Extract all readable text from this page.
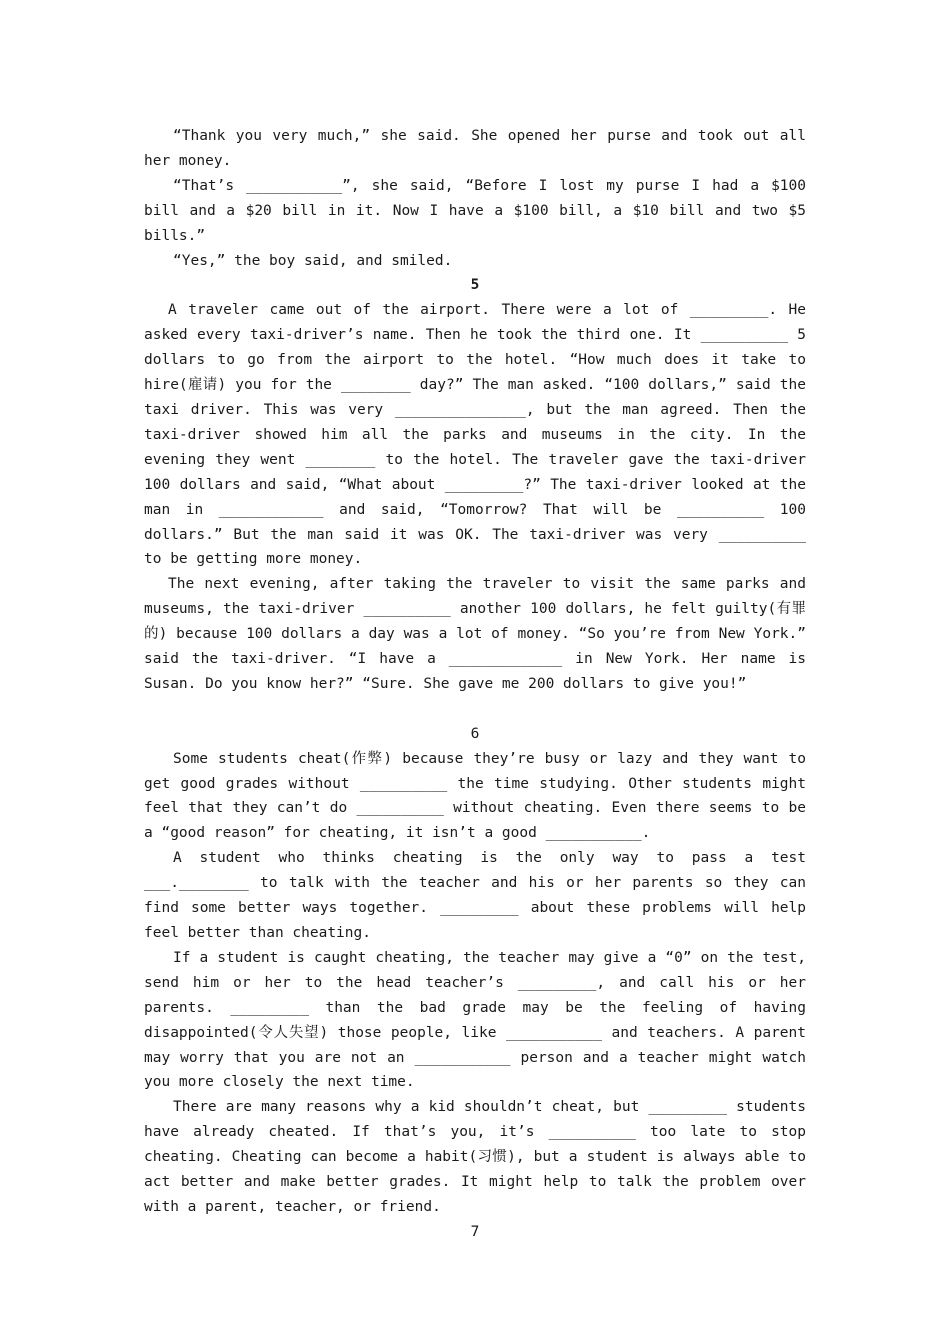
“Thank you very much,” she said. She opened her purse and took out all her money.

“That’s ___________”, she said, “Before I lost my purse I had a $100 bill and a $20 bill in it. Now I have a $100 bill, a $10 bill and two $5 bills.”

“Yes,” the boy said, and smiled.

5

A traveler came out of the airport. There were a lot of _________. He asked every taxi-driver’s name. Then he took the third one. It __________ 5 dollars to go from the airport to the hotel. “How much does it take to hire(雇请) you for the ________ day?” The man asked. “100 dollars,” said the taxi driver. This was very _______________, but the man agreed. Then the taxi-driver showed him all the parks and museums in the city. In the evening they went ________ to the hotel. The traveler gave the taxi-driver 100 dollars and said, “What about _________?” The taxi-driver looked at the man in ____________ and said, “Tomorrow? That will be __________ 100 dollars.” But the man said it was OK. The taxi-driver was very __________ to be getting more money.

The next evening, after taking the traveler to visit the same parks and museums, the taxi-driver __________ another 100 dollars, he felt guilty(有罪的) because 100 dollars a day was a lot of money. “So you’re from New York.” said the taxi-driver. “I have a _____________ in New York. Her name is Susan. Do you know her?” “Sure. She gave me 200 dollars to give you!”

6

Some students cheat(作弊) because they’re busy or lazy and they want to get good grades without __________ the time studying. Other students might feel that they can’t do __________ without cheating. Even there seems to be a “good reason” for cheating, it isn’t a good ___________.

A student who thinks cheating is the only way to pass a test ___.________ to talk with the teacher and his or her parents so they can find some better ways together. _________ about these problems will help feel better than cheating.

If a student is caught cheating, the teacher may give a “0” on the test, send him or her to the head teacher’s _________, and call his or her parents. _________ than the bad grade may be the feeling of having disappointed(令人失望) those people, like ___________ and teachers. A parent may worry that you are not an ___________ person and a teacher might watch you more closely the next time.

There are many reasons why a kid shouldn’t cheat, but _________ students have already cheated. If that’s you, it’s __________ too late to stop cheating. Cheating can become a habit(习惯), but a student is always able to act better and make better grades. It might help to talk the problem over with a parent, teacher, or friend.

7
